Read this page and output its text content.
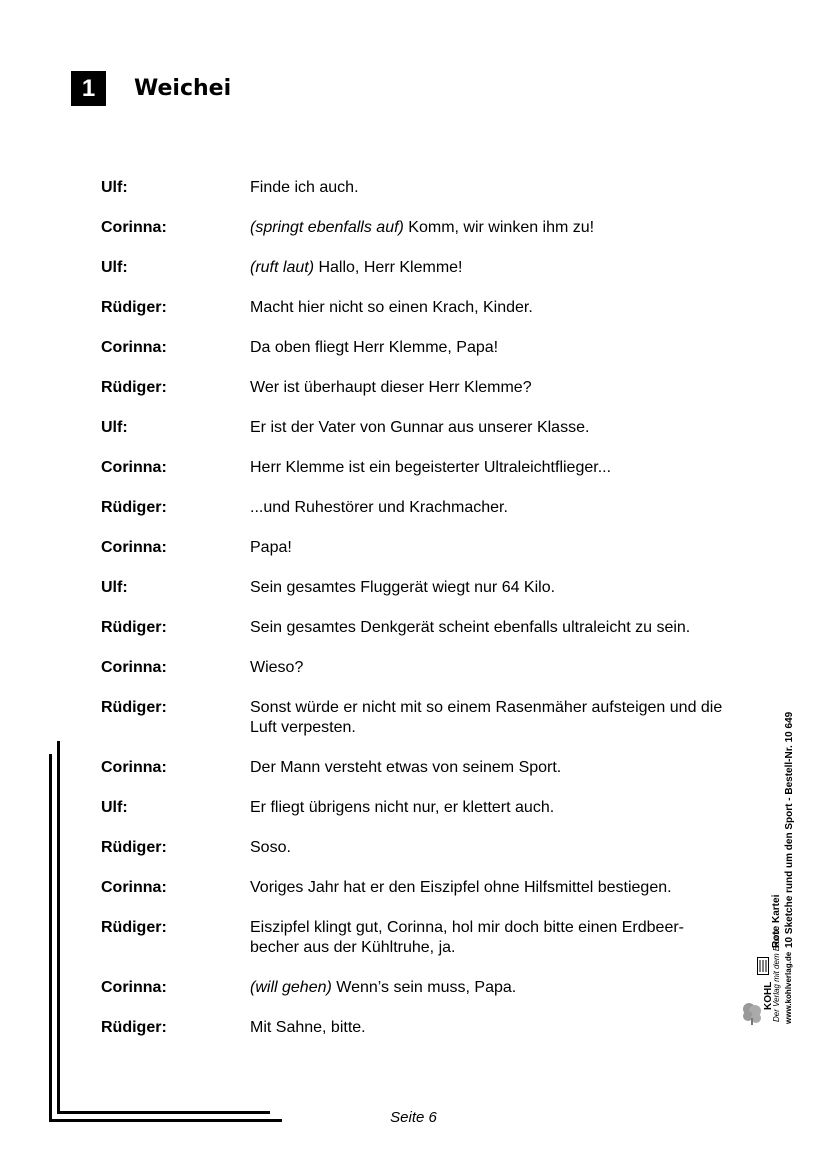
1	Weichei
Ulf:	Finde ich auch.
Corinna:	(springt ebenfalls auf) Komm, wir winken ihm zu!
Ulf:	(ruft laut) Hallo, Herr Klemme!
Rüdiger:	Macht hier nicht so einen Krach, Kinder.
Corinna:	Da oben fliegt Herr Klemme, Papa!
Rüdiger:	Wer ist überhaupt dieser Herr Klemme?
Ulf:	Er ist der Vater von Gunnar aus unserer Klasse.
Corinna:	Herr Klemme ist ein begeisterter Ultraleichtflieger...
Rüdiger:	...und Ruhestörer und Krachmacher.
Corinna:	Papa!
Ulf:	Sein gesamtes Fluggerät wiegt nur 64 Kilo.
Rüdiger:	Sein gesamtes Denkgerät scheint ebenfalls ultraleicht zu sein.
Corinna:	Wieso?
Rüdiger:	Sonst würde er nicht mit so einem Rasenmäher aufsteigen und die Luft verpesten.
Corinna:	Der Mann versteht etwas von seinem Sport.
Ulf:	Er fliegt übrigens nicht nur, er klettert auch.
Rüdiger:	Soso.
Corinna:	Voriges Jahr hat er den Eiszipfel ohne Hilfsmittel bestiegen.
Rüdiger:	Eiszipfel klingt gut, Corinna, hol mir doch bitte einen Erdbeer-becher aus der Kühltruhe, ja.
Corinna:	(will gehen) Wenn’s sein muss, Papa.
Rüdiger:	Mit Sahne, bitte.
Seite 6
Rote Kartei 10 Sketche rund um den Sport - Bestell-Nr. 10 649
www.kohlverlag.de
KOHL
Der Verlag mit dem Baum
